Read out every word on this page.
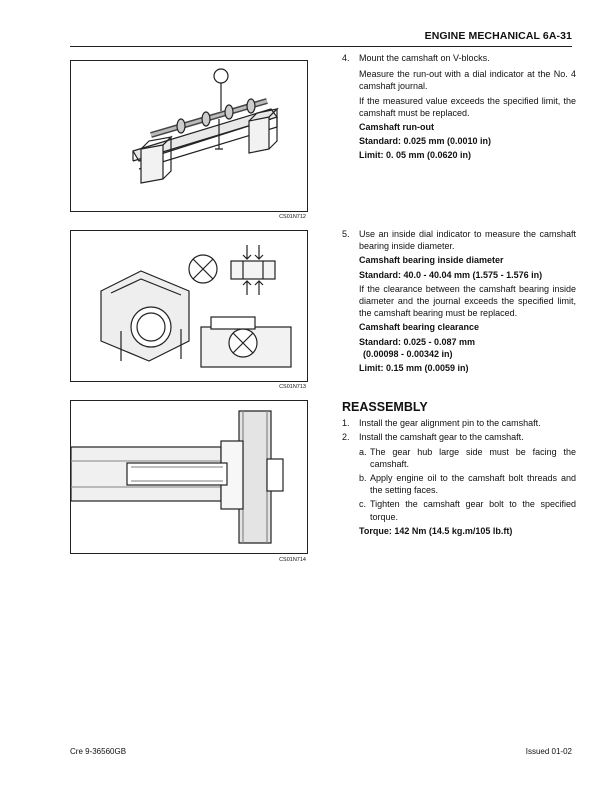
ENGINE MECHANICAL 6A-31
CS01N712
CS01N713
CS01N714
4. Mount the camshaft on V-blocks.
Measure the run-out with a dial indicator at the No. 4 camshaft journal.
If the measured value exceeds the specified limit, the camshaft must be replaced.
Camshaft run-out
Standard: 0.025 mm (0.0010 in)
Limit: 0. 05 mm (0.0620 in)
5. Use an inside dial indicator to measure the camshaft bearing inside diameter.
Camshaft bearing inside diameter
Standard: 40.0 - 40.04 mm (1.575 - 1.576 in)
If the clearance between the camshaft bearing inside diameter and the journal exceeds the specified limit, the camshaft bearing must be replaced.
Camshaft bearing clearance
Standard: 0.025 - 0.087 mm
(0.00098 - 0.00342 in)
Limit: 0.15 mm (0.0059 in)
REASSEMBLY
1. Install the gear alignment pin to the camshaft.
2. Install the camshaft gear to the camshaft.
a. The gear hub large side must be facing the camshaft.
b. Apply engine oil to the camshaft bolt threads and the setting faces.
c. Tighten the camshaft gear bolt to the specified torque.
Torque: 142 Nm (14.5 kg.m/105 lb.ft)
Cre 9-36560GB	Issued 01-02
